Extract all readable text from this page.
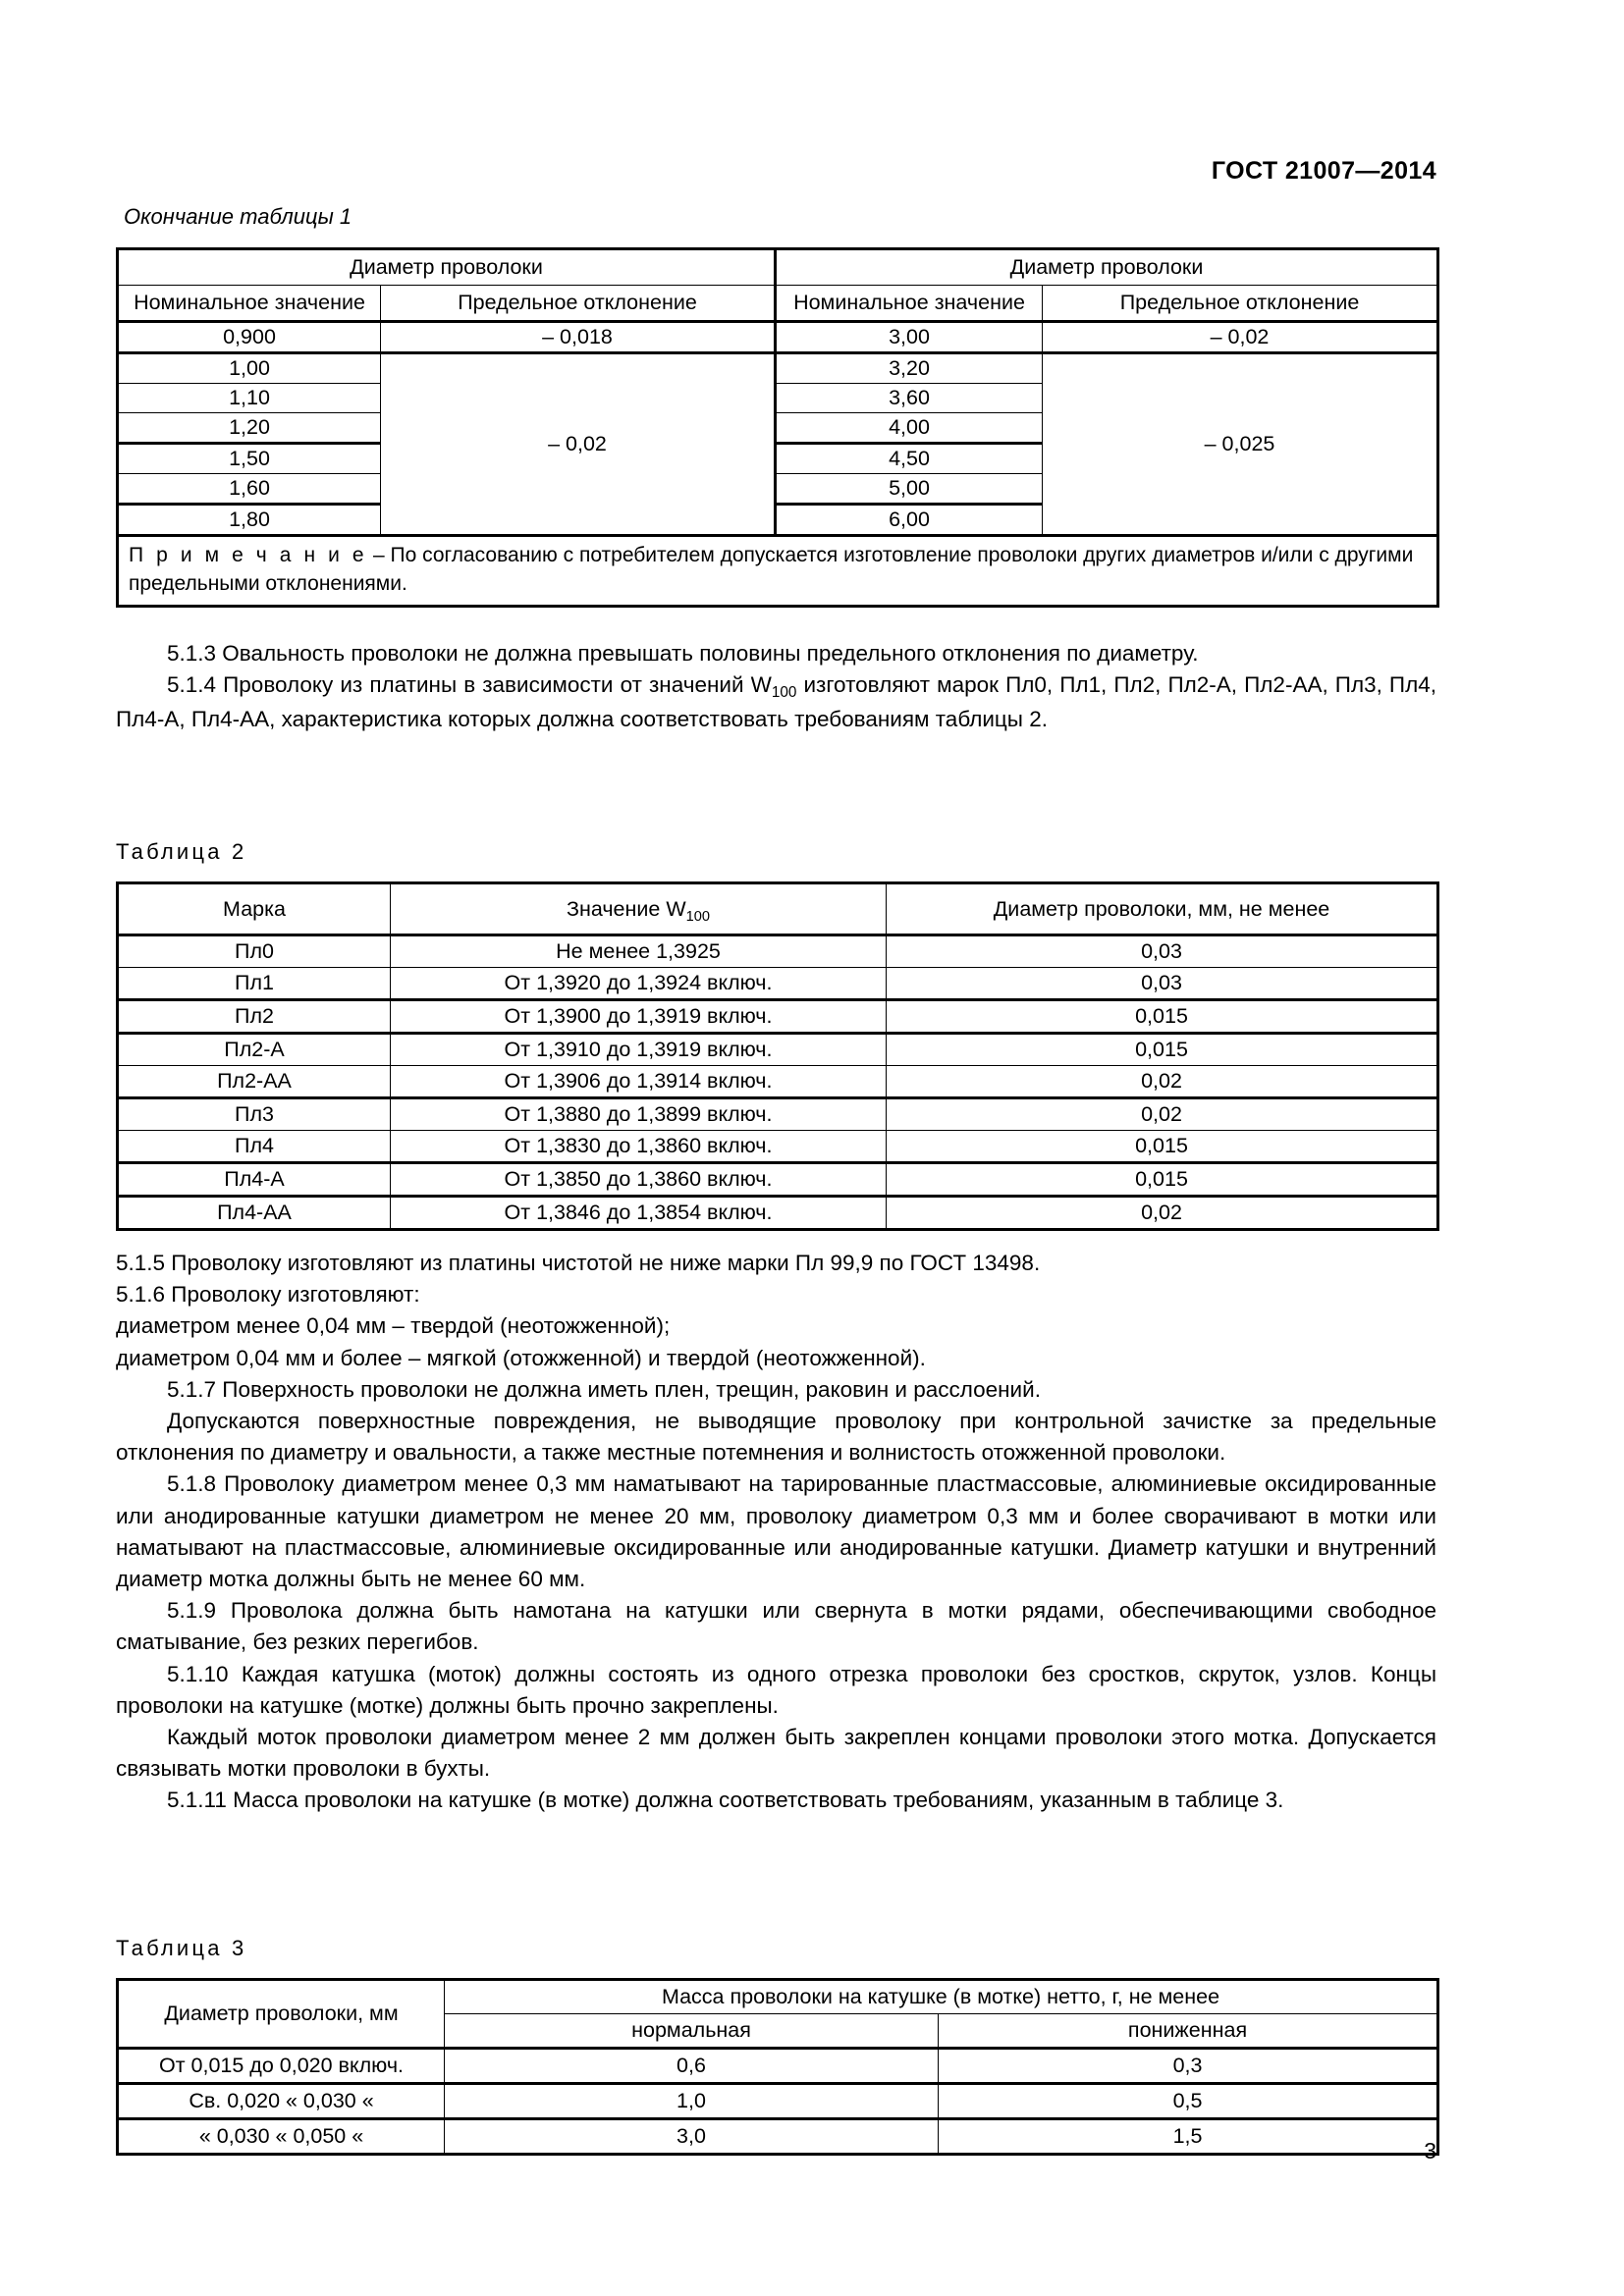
ГОСТ 21007—2014
Окончание таблицы 1
Диаметр проволоки		Диаметр проволоки	
Номинальное значение	Предельное отклонение	Номинальное значение	Предельное отклонение
0,900	– 0,018	3,00	– 0,02
1,00	– 0,02	3,20	– 0,025
1,10		3,60	
1,20		4,00	
1,50		4,50	
1,60		5,00	
1,80		6,00	
П р и м е ч а н и е – По согласованию с потребителем допускается изготовление проволоки других диаметров и/или с другими предельными отклонениями.			

5.1.3 Овальность проволоки не должна превышать половины предельного отклонения по диаметру.

5.1.4 Проволоку из платины в зависимости от значений $W_{100}$ изготовляют марок Пл0, Пл1, Пл2, Пл2-А, Пл2-АА, Пл3, Пл4, Пл4-А, Пл4-АА, характеристика которых должна соответствовать требованиям таблицы 2.

Таблица 2
Марка	Значение $W_{100}$	Диаметр проволоки, мм, не менее
Пл0	Не менее 1,3925	0,03
Пл1	От 1,3920 до 1,3924 включ.	0,03
Пл2	От 1,3900 до 1,3919 включ.	0,015
Пл2-А	От 1,3910 до 1,3919 включ.	0,015
Пл2-АА	От 1,3906 до 1,3914 включ.	0,02
Пл3	От 1,3880 до 1,3899 включ.	0,02
Пл4	От 1,3830 до 1,3860 включ.	0,015
Пл4-А	От 1,3850 до 1,3860 включ.	0,015
Пл4-АА	От 1,3846 до 1,3854 включ.	0,02

5.1.5 Проволоку изготовляют из платины чистотой не ниже марки Пл 99,9 по ГОСТ 13498.

5.1.6 Проволоку изготовляют:

диаметром менее 0,04 мм – твердой (неотожженной);

диаметром 0,04 мм и более – мягкой (отожженной) и твердой (неотожженной).

5.1.7 Поверхность проволоки не должна иметь плен, трещин, раковин и расслоений.

Допускаются поверхностные повреждения, не выводящие проволоку при контрольной зачистке за предельные отклонения по диаметру и овальности, а также местные потемнения и волнистость отожженной проволоки.

5.1.8 Проволоку диаметром менее 0,3 мм наматывают на тарированные пластмассовые, алюминиевые оксидированные или анодированные катушки диаметром не менее 20 мм, проволоку диаметром 0,3 мм и более сворачивают в мотки или наматывают на пластмассовые, алюминиевые оксидированные или анодированные катушки. Диаметр катушки и внутренний диаметр мотка должны быть не менее 60 мм.

5.1.9 Проволока должна быть намотана на катушки или свернута в мотки рядами, обеспечивающими свободное сматывание, без резких перегибов.

5.1.10 Каждая катушка (моток) должны состоять из одного отрезка проволоки без сростков, скруток, узлов. Концы проволоки на катушке (мотке) должны быть прочно закреплены.

Каждый моток проволоки диаметром менее 2 мм должен быть закреплен концами проволоки этого мотка. Допускается связывать мотки проволоки в бухты.

5.1.11 Масса проволоки на катушке (в мотке) должна соответствовать требованиям, указанным в таблице 3.

Таблица 3
Диаметр проволоки, мм	Масса проволоки на катушке (в мотке) нетто, г, не менее	
	нормальная	пониженная
От 0,015 до 0,020 включ.	0,6	0,3
Св. 0,020 « 0,030 «	1,0	0,5
« 0,030 « 0,050 «	3,0	1,5
3
